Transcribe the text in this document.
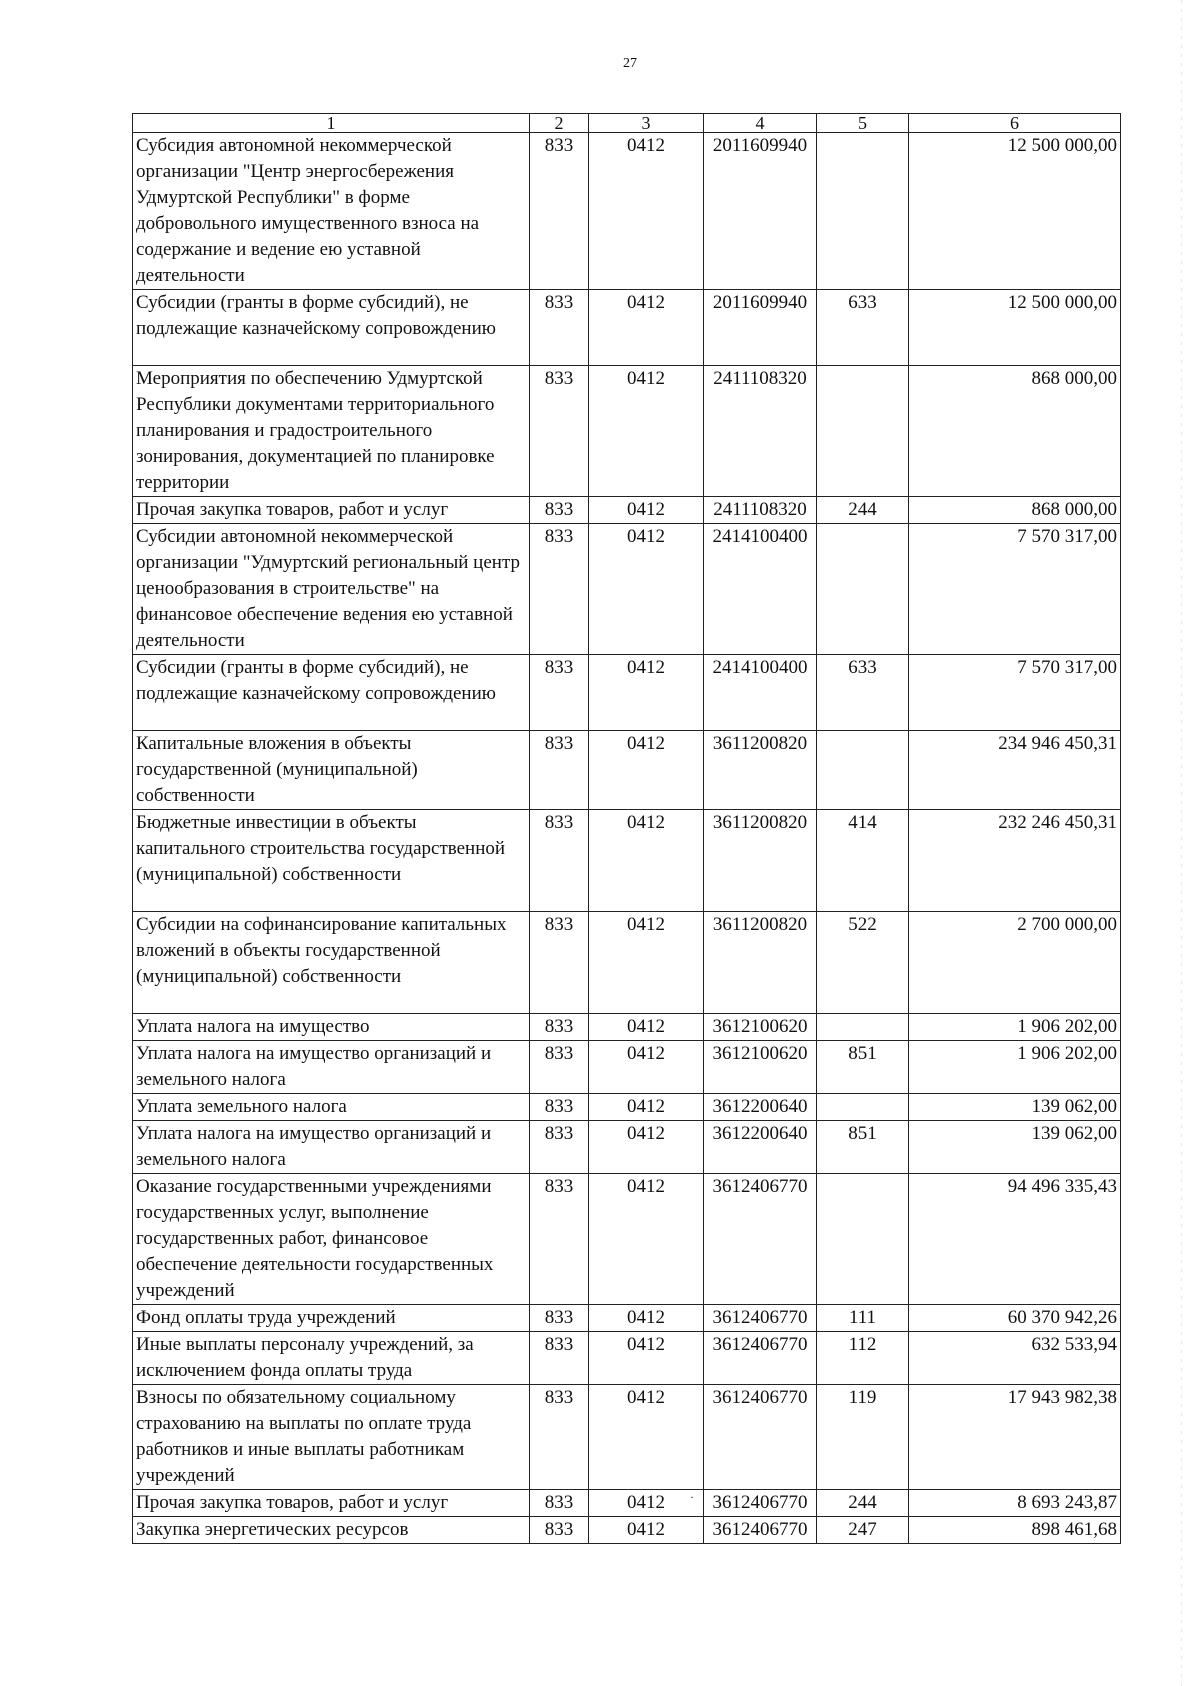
27
1	2	3	4	5	6
Субсидия автономной некоммерческой организации "Центр энергосбережения Удмуртской Республики" в форме добровольного имущественного взноса на содержание и ведение ею уставной деятельности	833	0412	2011609940		12 500 000,00
Субсидии (гранты в форме субсидий), не подлежащие казначейскому сопровождению	833	0412	2011609940	633	12 500 000,00
Мероприятия по обеспечению Удмуртской Республики документами территориального планирования и градостроительного зонирования, документацией по планировке территории	833	0412	2411108320		868 000,00
Прочая закупка товаров, работ и услуг	833	0412	2411108320	244	868 000,00
Субсидии автономной некоммерческой организации "Удмуртский региональный центр ценообразования в строительстве" на финансовое обеспечение ведения ею уставной деятельности	833	0412	2414100400		7 570 317,00
Субсидии (гранты в форме субсидий), не подлежащие казначейскому сопровождению	833	0412	2414100400	633	7 570 317,00
Капитальные вложения в объекты государственной (муниципальной) собственности	833	0412	3611200820		234 946 450,31
Бюджетные инвестиции в объекты капитального строительства государственной (муниципальной) собственности	833	0412	3611200820	414	232 246 450,31
Субсидии на софинансирование капитальных вложений в объекты государственной (муниципальной) собственности	833	0412	3611200820	522	2 700 000,00
Уплата налога на имущество	833	0412	3612100620		1 906 202,00
Уплата налога на имущество организаций и земельного налога	833	0412	3612100620	851	1 906 202,00
Уплата земельного налога	833	0412	3612200640		139 062,00
Уплата налога на имущество организаций и земельного налога	833	0412	3612200640	851	139 062,00
Оказание государственными учреждениями государственных услуг, выполнение государственных работ, финансовое обеспечение деятельности государственных учреждений	833	0412	3612406770		94 496 335,43
Фонд оплаты труда учреждений	833	0412	3612406770	111	60 370 942,26
Иные выплаты персоналу учреждений, за исключением фонда оплаты труда	833	0412	3612406770	112	632 533,94
Взносы по обязательному социальному страхованию на выплаты по оплате труда работников и иные выплаты работникам учреждений	833	0412	3612406770	119	17 943 982,38
Прочая закупка товаров, работ и услуг	833	0412	3612406770	244	8 693 243,87
Закупка энергетических ресурсов	833	0412	3612406770	247	898 461,68
·
